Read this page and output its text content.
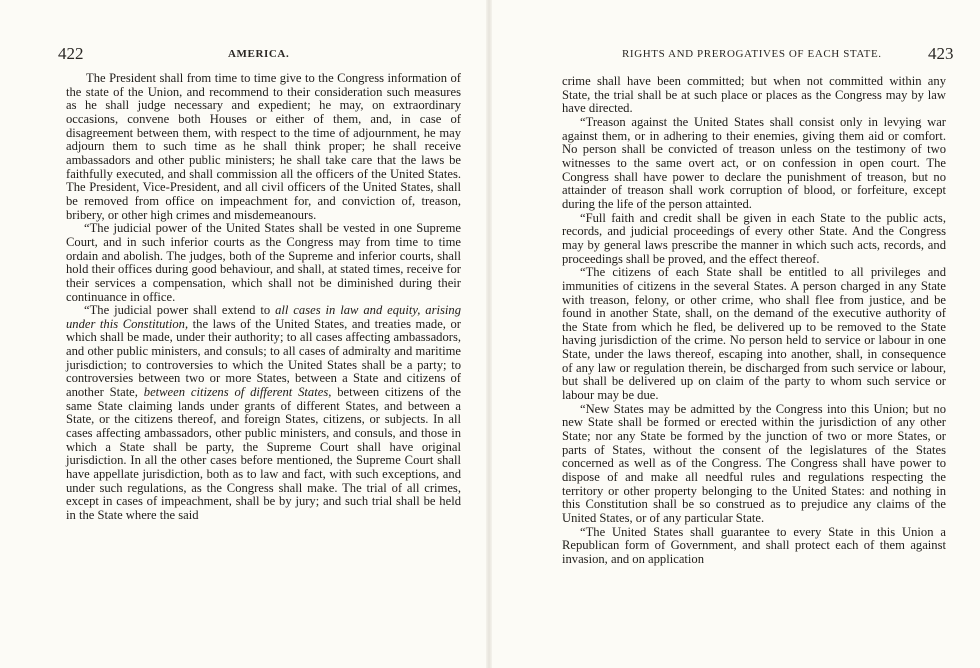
422	AMERICA.

The President shall from time to time give to the Congress information of the state of the Union, and recommend to their consideration such measures as he shall judge necessary and expedient; he may, on extraordinary occasions, convene both Houses or either of them, and, in case of disagreement between them, with respect to the time of adjournment, he may adjourn them to such time as he shall think proper; he shall receive ambassadors and other public ministers; he shall take care that the laws be faithfully executed, and shall commission all the officers of the United States. The President, Vice-President, and all civil officers of the United States, shall be removed from office on impeachment for, and conviction of, treason, bribery, or other high crimes and misdemeanours.

“The judicial power of the United States shall be vested in one Supreme Court, and in such inferior courts as the Congress may from time to time ordain and abolish. The judges, both of the Supreme and inferior courts, shall hold their offices during good behaviour, and shall, at stated times, receive for their services a compensation, which shall not be diminished during their continuance in office.

“The judicial power shall extend to all cases in law and equity, arising under this Constitution, the laws of the United States, and treaties made, or which shall be made, under their authority; to all cases affecting ambassadors, and other public ministers, and consuls; to all cases of admiralty and maritime jurisdiction; to controversies to which the United States shall be a party; to controversies between two or more States, between a State and citizens of another State, between citizens of different States, between citizens of the same State claiming lands under grants of different States, and between a State, or the citizens thereof, and foreign States, citizens, or subjects. In all cases affecting ambassadors, other public ministers, and consuls, and those in which a State shall be party, the Supreme Court shall have original jurisdiction. In all the other cases before mentioned, the Supreme Court shall have appellate jurisdiction, both as to law and fact, with such exceptions, and under such regulations, as the Congress shall make. The trial of all crimes, except in cases of impeachment, shall be by jury; and such trial shall be held in the State where the said

RIGHTS AND PREROGATIVES OF EACH STATE.	423

crime shall have been committed; but when not committed within any State, the trial shall be at such place or places as the Congress may by law have directed.

“Treason against the United States shall consist only in levying war against them, or in adhering to their enemies, giving them aid or comfort. No person shall be convicted of treason unless on the testimony of two witnesses to the same overt act, or on confession in open court. The Congress shall have power to declare the punishment of treason, but no attainder of treason shall work corruption of blood, or forfeiture, except during the life of the person attainted.

“Full faith and credit shall be given in each State to the public acts, records, and judicial proceedings of every other State. And the Congress may by general laws prescribe the manner in which such acts, records, and proceedings shall be proved, and the effect thereof.

“The citizens of each State shall be entitled to all privileges and immunities of citizens in the several States. A person charged in any State with treason, felony, or other crime, who shall flee from justice, and be found in another State, shall, on the demand of the executive authority of the State from which he fled, be delivered up to be removed to the State having jurisdiction of the crime. No person held to service or labour in one State, under the laws thereof, escaping into another, shall, in consequence of any law or regulation therein, be discharged from such service or labour, but shall be delivered up on claim of the party to whom such service or labour may be due.

“New States may be admitted by the Congress into this Union; but no new State shall be formed or erected within the jurisdiction of any other State; nor any State be formed by the junction of two or more States, or parts of States, without the consent of the legislatures of the States concerned as well as of the Congress. The Congress shall have power to dispose of and make all needful rules and regulations respecting the territory or other property belonging to the United States: and nothing in this Constitution shall be so construed as to prejudice any claims of the United States, or of any particular State.

“The United States shall guarantee to every State in this Union a Republican form of Government, and shall protect each of them against invasion, and on application
